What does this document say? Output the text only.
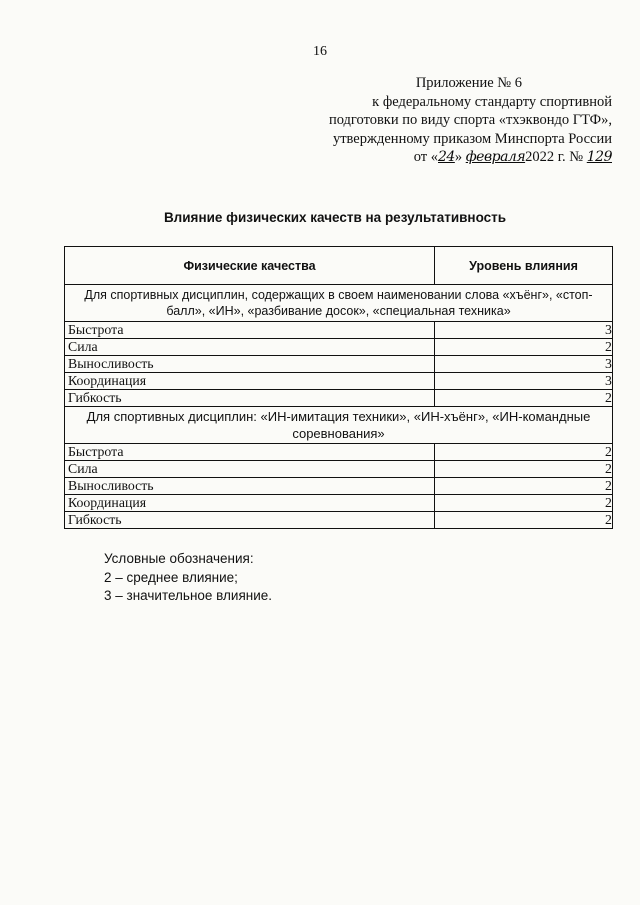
16
Приложение № 6
к федеральному стандарту спортивной
подготовки по виду спорта «тхэквондо ГТФ»,
утвержденному приказом Минспорта России
от «24» февраля2022 г. № 129
Влияние физических качеств на результативность
Физические качества	Уровень влияния
Для спортивных дисциплин, содержащих в своем наименовании слова «хъёнг», «стоп-балл», «ИН», «разбивание досок», «специальная техника»	
Быстрота	3
Сила	2
Выносливость	3
Координация	3
Гибкость	2
Для спортивных дисциплин: «ИН-имитация техники», «ИН-хъёнг», «ИН-командные соревнования»	
Быстрота	2
Сила	2
Выносливость	2
Координация	2
Гибкость	2
Условные обозначения:
2 – среднее влияние;
3 – значительное влияние.
